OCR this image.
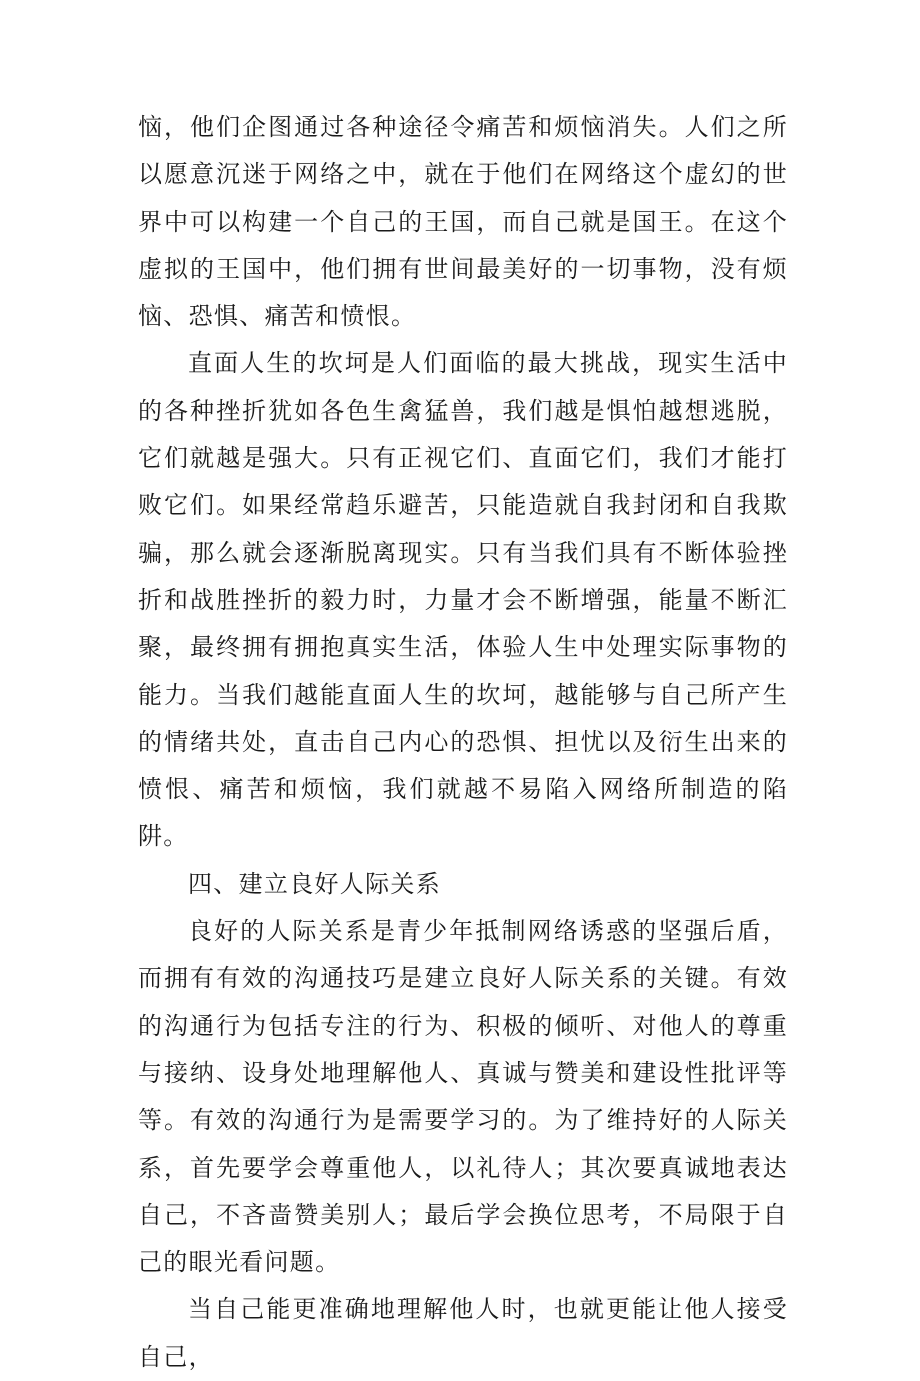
恼，他们企图通过各种途径令痛苦和烦恼消失。人们之所以愿意沉迷于网络之中，就在于他们在网络这个虚幻的世界中可以构建一个自己的王国，而自己就是国王。在这个虚拟的王国中，他们拥有世间最美好的一切事物，没有烦恼、恐惧、痛苦和愤恨。

直面人生的坎坷是人们面临的最大挑战，现实生活中的各种挫折犹如各色生禽猛兽，我们越是惧怕越想逃脱，它们就越是强大。只有正视它们、直面它们，我们才能打败它们。如果经常趋乐避苦，只能造就自我封闭和自我欺骗，那么就会逐渐脱离现实。只有当我们具有不断体验挫折和战胜挫折的毅力时，力量才会不断增强，能量不断汇聚，最终拥有拥抱真实生活，体验人生中处理实际事物的能力。当我们越能直面人生的坎坷，越能够与自己所产生的情绪共处，直击自己内心的恐惧、担忧以及衍生出来的愤恨、痛苦和烦恼，我们就越不易陷入网络所制造的陷阱。

四、建立良好人际关系

良好的人际关系是青少年抵制网络诱惑的坚强后盾，而拥有有效的沟通技巧是建立良好人际关系的关键。有效的沟通行为包括专注的行为、积极的倾听、对他人的尊重与接纳、设身处地理解他人、真诚与赞美和建设性批评等等。有效的沟通行为是需要学习的。为了维持好的人际关系，首先要学会尊重他人，以礼待人；其次要真诚地表达自己，不吝啬赞美别人；最后学会换位思考，不局限于自己的眼光看问题。

当自己能更准确地理解他人时，也就更能让他人接受自己，
